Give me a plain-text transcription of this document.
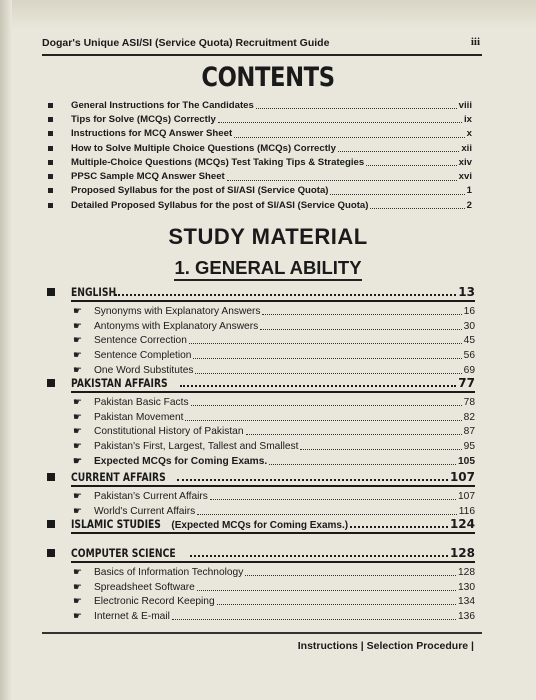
Dogar's Unique ASI/SI (Service Quota) Recruitment Guide	iii
CONTENTS
General Instructions for The Candidates	viii
Tips for Solve (MCQs) Correctly	ix
Instructions for MCQ Answer Sheet	x
How to Solve Multiple Choice Questions (MCQs) Correctly	xii
Multiple-Choice Questions (MCQs) Test Taking Tips & Strategies	xiv
PPSC Sample MCQ Answer Sheet	xvi
Proposed Syllabus for the post of SI/ASI (Service Quota)	1
Detailed Proposed Syllabus for the post of SI/ASI (Service Quota)	2
STUDY MATERIAL
1. GENERAL ABILITY
ENGLISH	13
☛	Synonyms with Explanatory Answers	16
☛	Antonyms with Explanatory Answers	30
☛	Sentence Correction	45
☛	Sentence Completion	56
☛	One Word Substitutes	69
PAKISTAN AFFAIRS	77
☛	Pakistan Basic Facts	78
☛	Pakistan Movement	82
☛	Constitutional History of Pakistan	87
☛	Pakistan's First, Largest, Tallest and Smallest	95
☛	Expected MCQs for Coming Exams.	105
CURRENT AFFAIRS	107
☛	Pakistan's Current Affairs	107
☛	World's Current Affairs	116
ISLAMIC STUDIES (Expected MCQs for Coming Exams.)	124
COMPUTER SCIENCE	128
☛	Basics of Information Technology	128
☛	Spreadsheet Software	130
☛	Electronic Record Keeping	134
☛	Internet & E-mail	136
Instructions | Selection Procedure |
